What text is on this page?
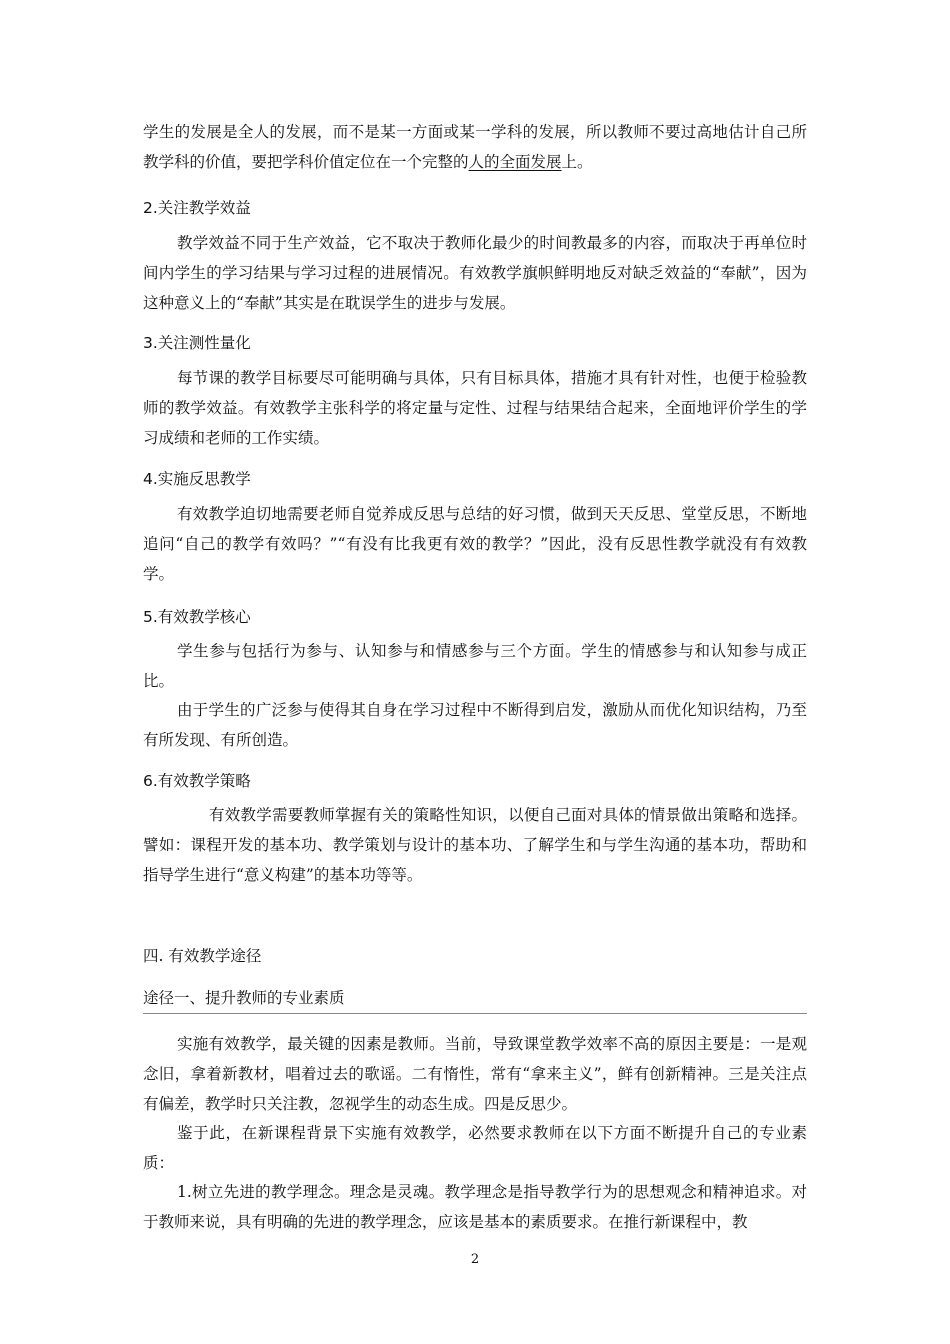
学生的发展是全人的发展，而不是某一方面或某一学科的发展，所以教师不要过高地估计自己所教学科的价值，要把学科价值定位在一个完整的人的全面发展上。

2.关注教学效益

教学效益不同于生产效益，它不取决于教师化最少的时间教最多的内容，而取决于再单位时间内学生的学习结果与学习过程的进展情况。有效教学旗帜鲜明地反对缺乏效益的“奉献”，因为这种意义上的“奉献”其实是在耽误学生的进步与发展。

3.关注测性量化

每节课的教学目标要尽可能明确与具体，只有目标具体，措施才具有针对性，也便于检验教师的教学效益。有效教学主张科学的将定量与定性、过程与结果结合起来，全面地评价学生的学习成绩和老师的工作实绩。

4.实施反思教学

有效教学迫切地需要老师自觉养成反思与总结的好习惯，做到天天反思、堂堂反思，不断地追问“自己的教学有效吗？”“有没有比我更有效的教学？”因此，没有反思性教学就没有有效教学。

5.有效教学核心

学生参与包括行为参与、认知参与和情感参与三个方面。学生的情感参与和认知参与成正比。

由于学生的广泛参与使得其自身在学习过程中不断得到启发，激励从而优化知识结构，乃至有所发现、有所创造。

6.有效教学策略

有效教学需要教师掌握有关的策略性知识，以便自己面对具体的情景做出策略和选择。譬如：课程开发的基本功、教学策划与设计的基本功、了解学生和与学生沟通的基本功，帮助和指导学生进行“意义构建”的基本功等等。

四. 有效教学途径

途径一、提升教师的专业素质

实施有效教学，最关键的因素是教师。当前，导致课堂教学效率不高的原因主要是：一是观念旧，拿着新教材，唱着过去的歌谣。二有惰性，常有“拿来主义”，鲜有创新精神。三是关注点有偏差，教学时只关注教，忽视学生的动态生成。四是反思少。

鉴于此，在新课程背景下实施有效教学，必然要求教师在以下方面不断提升自己的专业素质：

1.树立先进的教学理念。理念是灵魂。教学理念是指导教学行为的思想观念和精神追求。对于教师来说，具有明确的先进的教学理念，应该是基本的素质要求。在推行新课程中，教

2
